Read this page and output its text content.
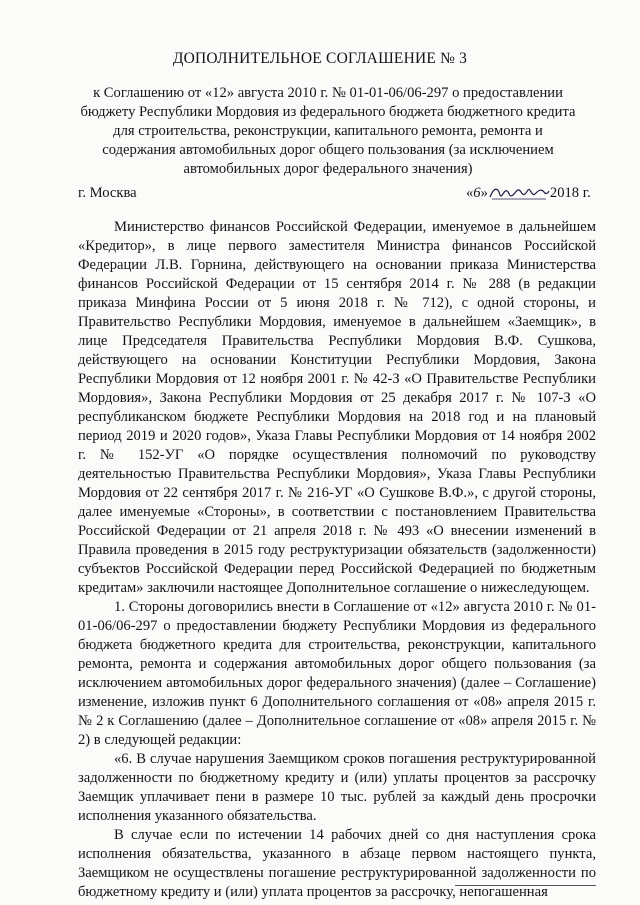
ДОПОЛНИТЕЛЬНОЕ СОГЛАШЕНИЕ № 3
к Соглашению от «12» августа 2010 г. № 01-01-06/06-297 о предоставлении бюджету Республики Мордовия из федерального бюджета бюджетного кредита для строительства, реконструкции, капитального ремонта, ремонта и содержания автомобильных дорог общего пользования (за исключением автомобильных дорог федерального значения)
г. Москва	«6»	2018 г.

Министерство финансов Российской Федерации, именуемое в дальнейшем «Кредитор», в лице первого заместителя Министра финансов Российской Федерации Л.В. Горнина, действующего на основании приказа Министерства финансов Российской Федерации от 15 сентября 2014 г. № 288 (в редакции приказа Минфина России от 5 июня 2018 г. № 712), с одной стороны, и Правительство Республики Мордовия, именуемое в дальнейшем «Заемщик», в лице Председателя Правительства Республики Мордовия В.Ф. Сушкова, действующего на основании Конституции Республики Мордовия, Закона Республики Мордовия от 12 ноября 2001 г. № 42-З «О Правительстве Республики Мордовия», Закона Республики Мордовия от 25 декабря 2017 г. № 107-З «О республиканском бюджете Республики Мордовия на 2018 год и на плановый период 2019 и 2020 годов», Указа Главы Республики Мордовия от 14 ноября 2002 г. № 152-УГ «О порядке осуществления полномочий по руководству деятельностью Правительства Республики Мордовия», Указа Главы Республики Мордовия от 22 сентября 2017 г. № 216-УГ «О Сушкове В.Ф.», с другой стороны, далее именуемые «Стороны», в соответствии с постановлением Правительства Российской Федерации от 21 апреля 2018 г. № 493 «О внесении изменений в Правила проведения в 2015 году реструктуризации обязательств (задолженности) субъектов Российской Федерации перед Российской Федерацией по бюджетным кредитам» заключили настоящее Дополнительное соглашение о нижеследующем.

1. Стороны договорились внести в Соглашение от «12» августа 2010 г. № 01-01-06/06-297 о предоставлении бюджету Республики Мордовия из федерального бюджета бюджетного кредита для строительства, реконструкции, капитального ремонта, ремонта и содержания автомобильных дорог общего пользования (за исключением автомобильных дорог федерального значения) (далее – Соглашение) изменение, изложив пункт 6 Дополнительного соглашения от «08» апреля 2015 г. № 2 к Соглашению (далее – Дополнительное соглашение от «08» апреля 2015 г. № 2) в следующей редакции:

«6. В случае нарушения Заемщиком сроков погашения реструктурированной задолженности по бюджетному кредиту и (или) уплаты процентов за рассрочку Заемщик уплачивает пени в размере 10 тыс. рублей за каждый день просрочки исполнения указанного обязательства.

В случае если по истечении 14 рабочих дней со дня наступления срока исполнения обязательства, указанного в абзаце первом настоящего пункта, Заемщиком не осуществлены погашение реструктурированной задолженности по бюджетному кредиту и (или) уплата процентов за рассрочку, непогашенная
